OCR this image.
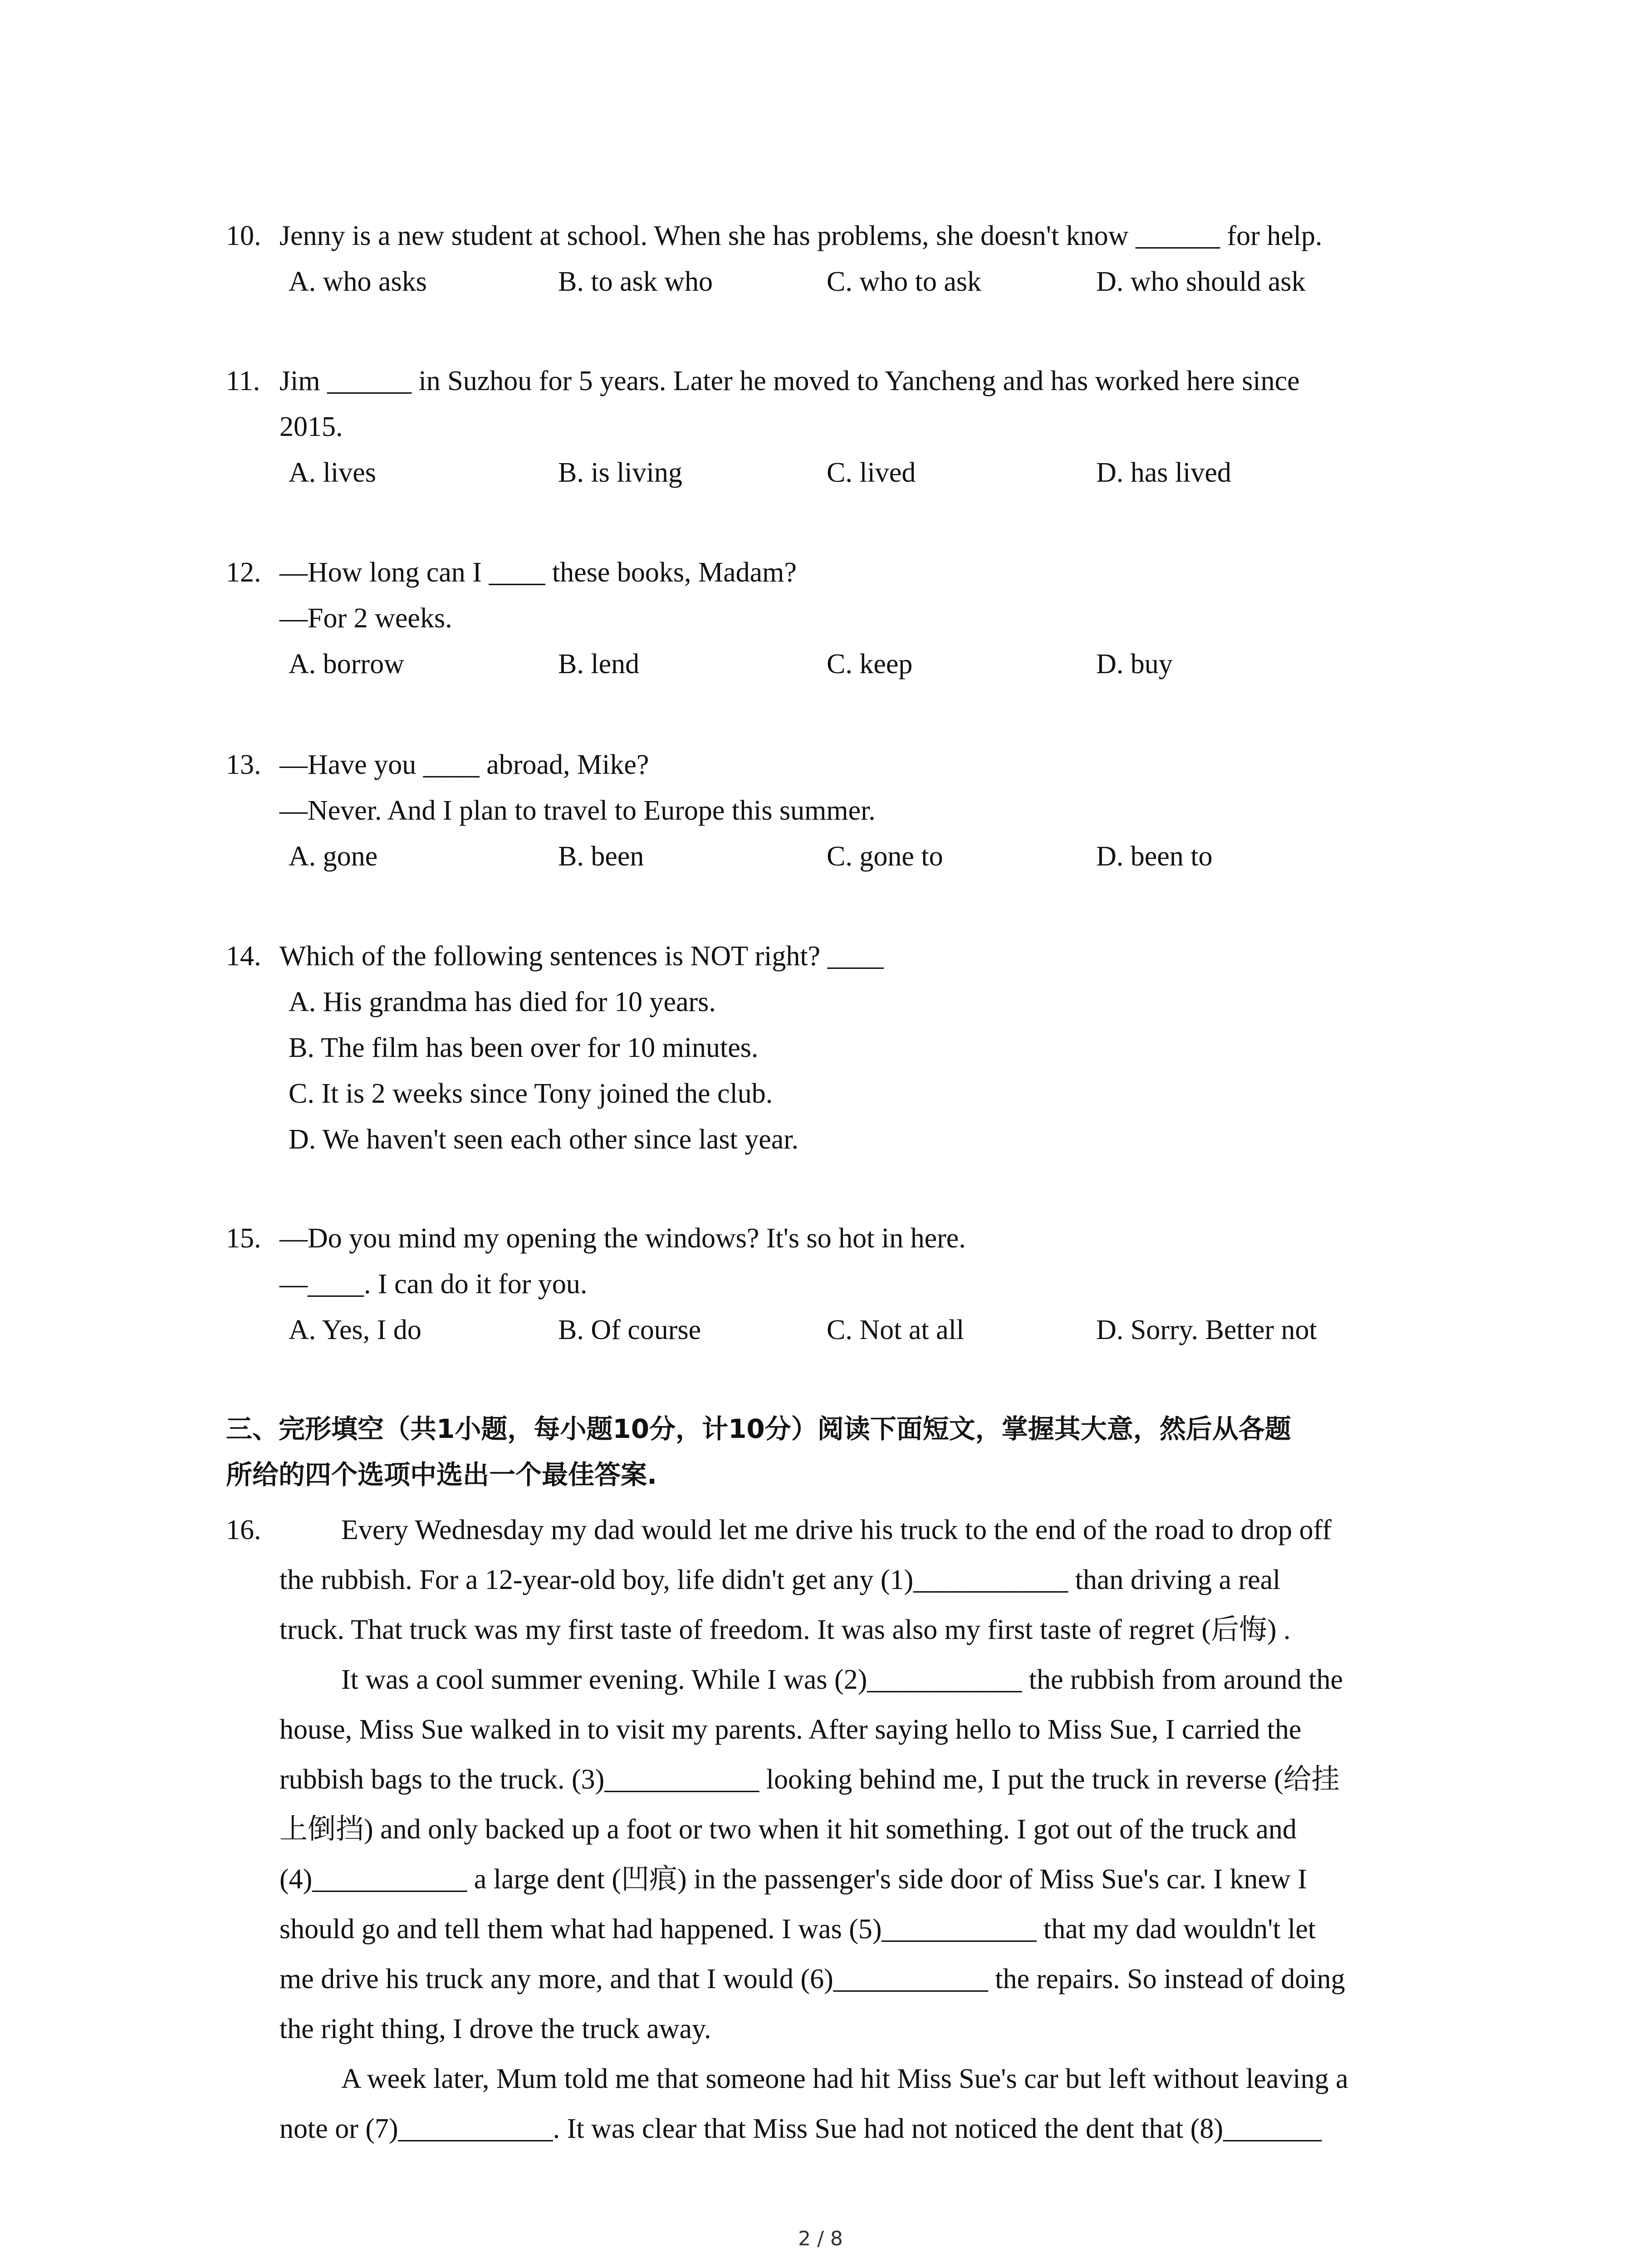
10. Jenny is a new student at school. When she has problems, she doesn't know ______ for help.
A. who asks	B. to ask who	C. who to ask	D. who should ask
11. Jim ______ in Suzhou for 5 years. Later he moved to Yancheng and has worked here since
2015.
A. lives	B. is living	C. lived	D. has lived
12. —How long can I ____ these books, Madam?
—For 2 weeks.
A. borrow	B. lend	C. keep	D. buy
13. —Have you ____ abroad, Mike?
—Never. And I plan to travel to Europe this summer.
A. gone	B. been	C. gone to	D. been to
14. Which of the following sentences is NOT right? ____
A. His grandma has died for 10 years.
B. The film has been over for 10 minutes.
C. It is 2 weeks since Tony joined the club.
D. We haven't seen each other since last year.
15. —Do you mind my opening the windows? It's so hot in here.
—____. I can do it for you.
A. Yes, I do	B. Of course	C. Not at all	D. Sorry. Better not
三、完形填空（共1小题，每小题10分，计10分）阅读下面短文，掌握其大意，然后从各题
所给的四个选项中选出一个最佳答案.
16.	Every Wednesday my dad would let me drive his truck to the end of the road to drop off
the rubbish. For a 12-year-old boy, life didn't get any (1)___________ than driving a real
truck. That truck was my first taste of freedom. It was also my first taste of regret (后悔) .
It was a cool summer evening. While I was (2)___________ the rubbish from around the
house, Miss Sue walked in to visit my parents. After saying hello to Miss Sue, I carried the
rubbish bags to the truck. (3)___________ looking behind me, I put the truck in reverse (给挂
上倒挡) and only backed up a foot or two when it hit something. I got out of the truck and
(4)___________ a large dent (凹痕) in the passenger's side door of Miss Sue's car. I knew I
should go and tell them what had happened. I was (5)___________ that my dad wouldn't let
me drive his truck any more, and that I would (6)___________ the repairs. So instead of doing
the right thing, I drove the truck away.
A week later, Mum told me that someone had hit Miss Sue's car but left without leaving a
note or (7)___________. It was clear that Miss Sue had not noticed the dent that (8)_______
2 / 8
